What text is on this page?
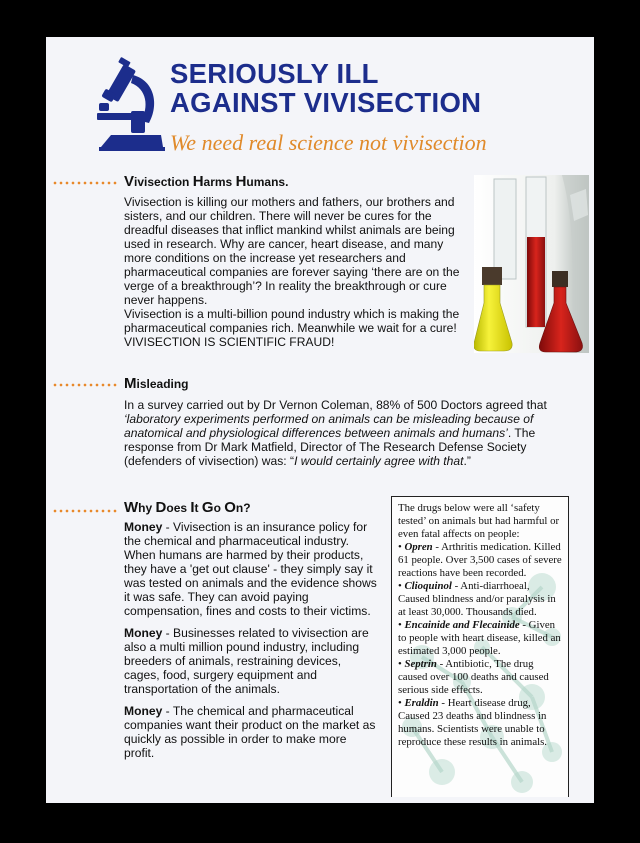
SERIOUSLY ILL
AGAINST VIVISECTION
We need real science not vivisection
Vivisection Harms Humans.

Vivisection is killing our mothers and fathers, our brothers and sisters, and our children. There will never be cures for the dreadful diseases that inflict mankind whilst animals are being used in research. Why are cancer, heart disease, and many more conditions on the increase yet researchers and pharmaceutical companies are forever saying ‘there are on the verge of a breakthrough’? In reality the breakthrough or cure never happens.

Vivisection is a multi-billion pound industry which is making the pharmaceutical companies rich. Meanwhile we wait for a cure! VIVISECTION IS SCIENTIFIC FRAUD!

Misleading

In a survey carried out by Dr Vernon Coleman, 88% of 500 Doctors agreed that ‘laboratory experiments performed on animals can be misleading because of anatomical and physiological differences between animals and humans’. The response from Dr Mark Matfield, Director of The Research Defense Society (defenders of vivisection) was: “I would certainly agree with that.”

Why Does It Go On?

Money - Vivisection is an insurance policy for the chemical and pharmaceutical industry. When humans are harmed by their products, they have a 'get out clause' - they simply say it was tested on animals and the evidence shows it was safe. They can avoid paying compensation, fines and costs to their victims.

Money - Businesses related to vivisection are also a multi million pound industry, including breeders of animals, restraining devices, cages, food, surgery equipment and transportation of the animals.

Money - The chemical and pharmaceutical companies want their product on the market as quickly as possible in order to make more profit.

The drugs below were all ‘safety tested’ on animals but had harmful or even fatal affects on people:

• Opren - Arthritis medication. Killed 61 people. Over 3,500 cases of severe reactions have been recorded.

• Clioquinol - Anti-diarrhoeal, Caused blindness and/or paralysis in at least 30,000. Thousands died.

• Encainide and Flecainide - Given to people with heart disease, killed an estimated 3,000 people.

• Septrin - Antibiotic, The drug caused over 100 deaths and caused serious side effects.

• Eraldin - Heart disease drug, Caused 23 deaths and blindness in humans. Scientists were unable to reproduce these results in animals.
